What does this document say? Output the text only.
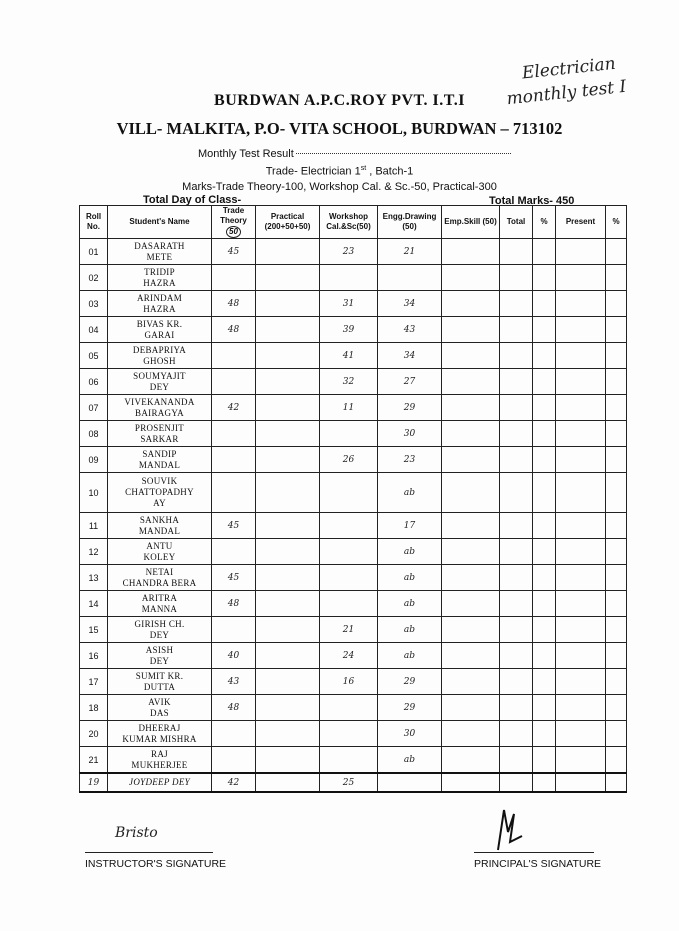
Electrician
monthly test I
BURDWAN A.P.C.ROY PVT. I.T.I
VILL- MALKITA, P.O- VITA SCHOOL, BURDWAN – 713102
Monthly Test Result
Trade- Electrician 1st , Batch-1
Marks-Trade Theory-100, Workshop Cal. & Sc.-50, Practical-300
Total Day of Class-	Total Marks- 450
Roll No.	Student's Name	Trade Theory 50	Practical (200+50+50)	Workshop Cal.&Sc(50)	Engg.Drawing (50)	Emp.Skill (50)	Total	%	Present	%
01	DASARATH
METE	45		23	21					
02	TRIDIP
HAZRA									

03	ARINDAM
HAZRA	48		31	34					
04	BIVAS KR.
GARAI	48		39	43					
05	DEBAPRIYA
GHOSH			41	34					
06	SOUMYAJIT
DEY			32	27					
07	VIVEKANANDA
BAIRAGYA	42		11	29					
08	PROSENJIT
SARKAR				30					
09	SANDIP
MANDAL			26	23					
10	SOUVIK
CHATTOPADHY
AY				ab					
11	SANKHA
MANDAL	45			17					
12	ANTU
KOLEY				ab					
13	NETAI
CHANDRA BERA	45			ab					
14	ARITRA
MANNA	48			ab					
15	GIRISH CH.
DEY			21	ab					
16	ASISH
DEY	40		24	ab					
17	SUMIT KR.
DUTTA	43		16	29					
18	AVIK
DAS	48			29					
20	DHEERAJ
KUMAR MISHRA				30					
21	RAJ
MUKHERJEE				ab					
19	JOYDEEP DEY	42		25						
Bristo
INSTRUCTOR'S SIGNATURE	PRINCIPAL'S SIGNATURE
